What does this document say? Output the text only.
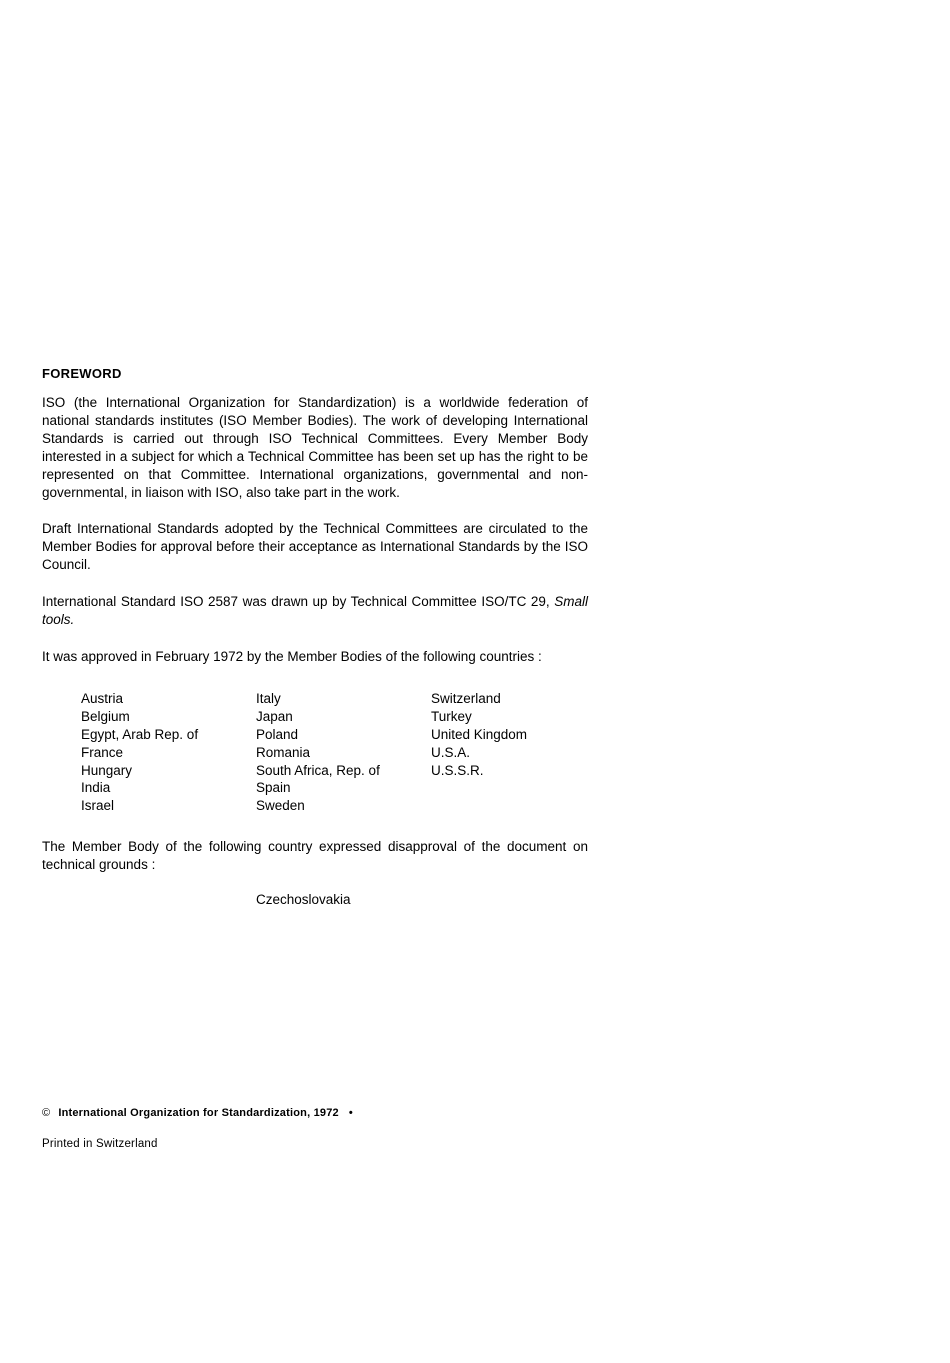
FOREWORD

ISO (the International Organization for Standardization) is a worldwide federation of national standards institutes (ISO Member Bodies). The work of developing International Standards is carried out through ISO Technical Committees. Every Member Body interested in a subject for which a Technical Committee has been set up has the right to be represented on that Committee. International organizations, governmental and non-governmental, in liaison with ISO, also take part in the work.

Draft International Standards adopted by the Technical Committees are circulated to the Member Bodies for approval before their acceptance as International Standards by the ISO Council.

International Standard ISO 2587 was drawn up by Technical Committee ISO/TC 29, Small tools.

It was approved in February 1972 by the Member Bodies of the following countries :

Austria
Belgium
Egypt, Arab Rep. of
France
Hungary
India
Israel
Italy
Japan
Poland
Romania
South Africa, Rep. of
Spain
Sweden
Switzerland
Turkey
United Kingdom
U.S.A.
U.S.S.R.

The Member Body of the following country expressed disapproval of the document on technical grounds :

Czechoslovakia
© International Organization for Standardization, 1972 •
Printed in Switzerland
